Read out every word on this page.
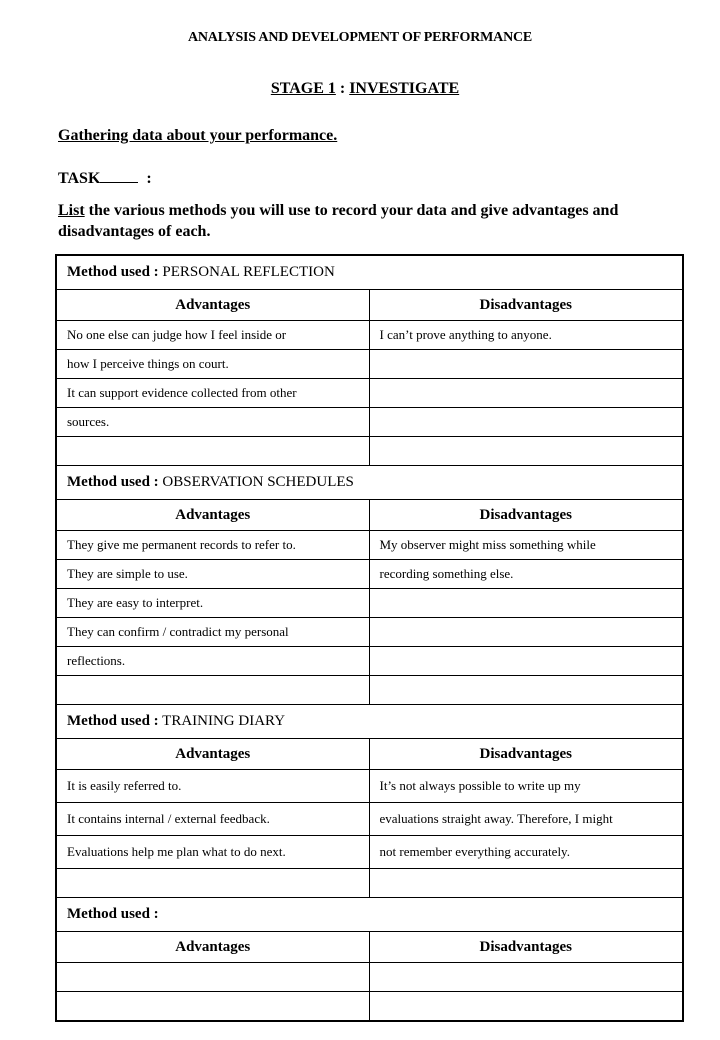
ANALYSIS AND DEVELOPMENT OF PERFORMANCE
STAGE 1 : INVESTIGATE
Gathering data about your performance.
TASK	:
List the various methods you will use to record your data and give advantages and disadvantages of each.
Method used : PERSONAL REFLECTION	
Advantages	Disadvantages
No one else can judge how I feel inside or	I can’t prove anything to anyone.
how I perceive things on court.	
It can support evidence collected from other	
sources.	

Method used : OBSERVATION SCHEDULES	
Advantages	Disadvantages
They give me permanent records to refer to.	My observer might miss something while
They are simple to use.	recording something else.
They are easy to interpret.	
They can confirm / contradict my personal	
reflections.	

Method used : TRAINING DIARY	
Advantages	Disadvantages
It is easily referred to.	It’s not always possible to write up my
It contains internal / external feedback.	evaluations straight away. Therefore, I might
Evaluations help me plan what to do next.	not remember everything accurately.

Method used :	
Advantages	Disadvantages
